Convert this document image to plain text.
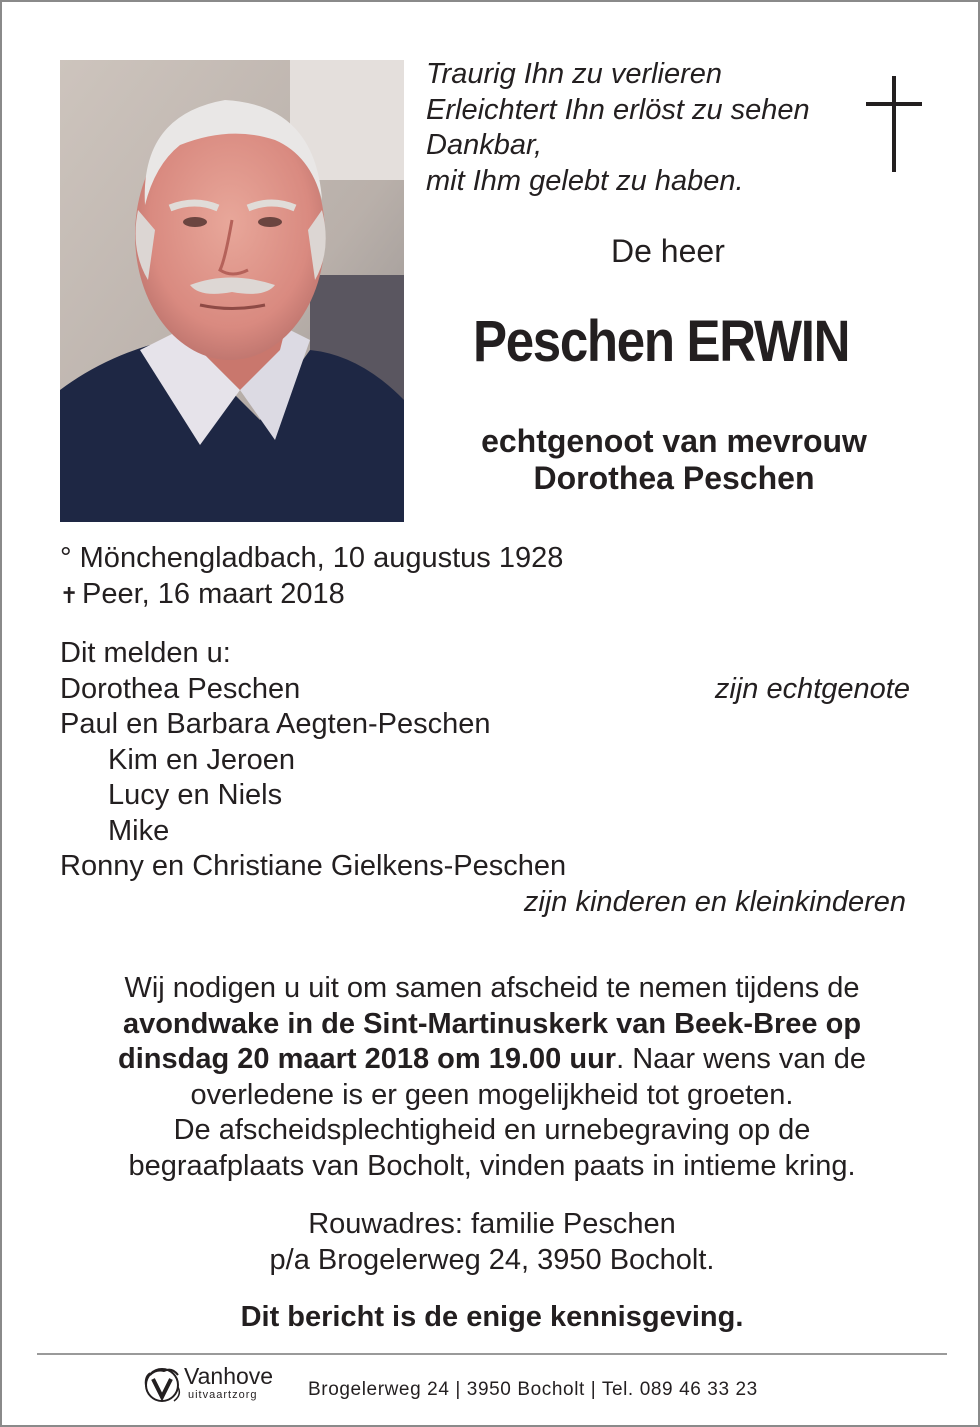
Traurig Ihn zu verlieren
Erleichtert Ihn erlöst zu sehen
Dankbar,
mit Ihm gelebt zu haben.
De heer
Peschen ERWIN
echtgenoot van mevrouw
Dorothea Peschen
° Mönchengladbach, 10 augustus 1928
✝ Peer, 16 maart 2018
Dit melden u:
Dorothea Peschen	zijn echtgenote
Paul en Barbara Aegten-Peschen
Kim en Jeroen
Lucy en Niels
Mike
Ronny en Christiane Gielkens-Peschen
zijn kinderen en kleinkinderen
Wij nodigen u uit om samen afscheid te nemen tijdens de
avondwake in de Sint-Martinuskerk van Beek-Bree op
dinsdag 20 maart 2018 om 19.00 uur. Naar wens van de
overledene is er geen mogelijkheid tot groeten.
De afscheidsplechtigheid en urnebegraving op de
begraafplaats van Bocholt, vinden paats in intieme kring.
Rouwadres: familie Peschen
p/a Brogelerweg 24, 3950 Bocholt.
Dit bericht is de enige kennisgeving.
Vanhove
uitvaartzorg	Brogelerweg 24 | 3950 Bocholt | Tel. 089 46 33 23
